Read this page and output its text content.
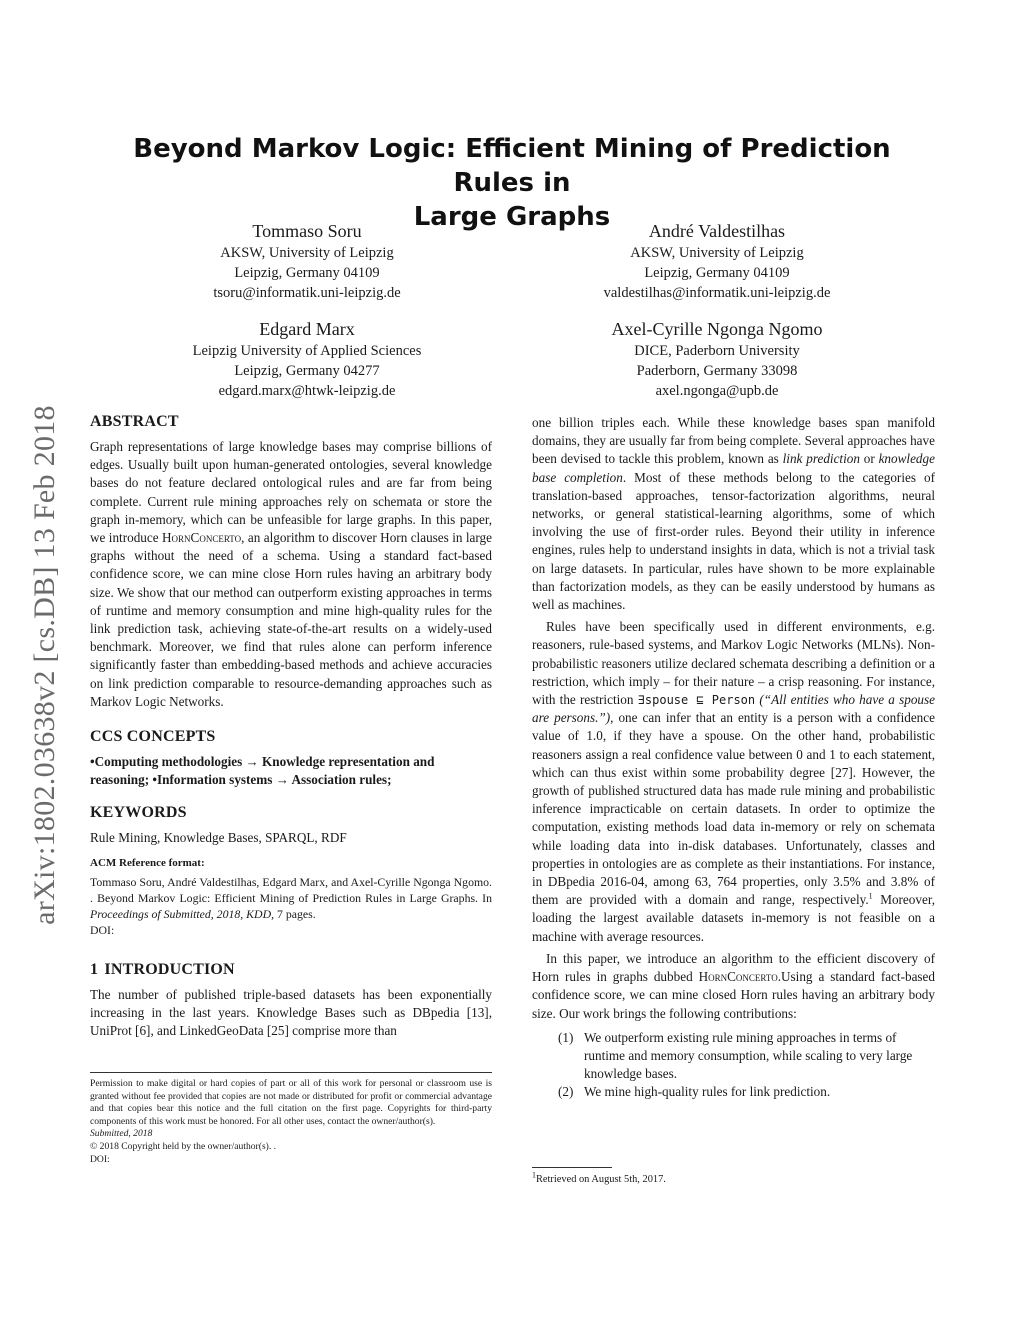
arXiv:1802.03638v2 [cs.DB] 13 Feb 2018
Beyond Markov Logic: Efficient Mining of Prediction Rules in
Large Graphs
Tommaso Soru
AKSW, University of Leipzig
Leipzig, Germany 04109
tsoru@informatik.uni-leipzig.de
André Valdestilhas
AKSW, University of Leipzig
Leipzig, Germany 04109
valdestilhas@informatik.uni-leipzig.de
Edgard Marx
Leipzig University of Applied Sciences
Leipzig, Germany 04277
edgard.marx@htwk-leipzig.de
Axel-Cyrille Ngonga Ngomo
DICE, Paderborn University
Paderborn, Germany 33098
axel.ngonga@upb.de
ABSTRACT

Graph representations of large knowledge bases may comprise billions of edges. Usually built upon human-generated ontologies, several knowledge bases do not feature declared ontological rules and are far from being complete. Current rule mining approaches rely on schemata or store the graph in-memory, which can be unfeasible for large graphs. In this paper, we introduce HornConcerto, an algorithm to discover Horn clauses in large graphs without the need of a schema. Using a standard fact-based confidence score, we can mine close Horn rules having an arbitrary body size. We show that our method can outperform existing approaches in terms of runtime and memory consumption and mine high-quality rules for the link prediction task, achieving state-of-the-art results on a widely-used benchmark. Moreover, we find that rules alone can perform inference significantly faster than embedding-based methods and achieve accuracies on link prediction comparable to resource-demanding approaches such as Markov Logic Networks.

CCS CONCEPTS

•Computing methodologies → Knowledge representation and reasoning; •Information systems → Association rules;

KEYWORDS

Rule Mining, Knowledge Bases, SPARQL, RDF

ACM Reference format:

Tommaso Soru, André Valdestilhas, Edgard Marx, and Axel-Cyrille Ngonga Ngomo. . Beyond Markov Logic: Efficient Mining of Prediction Rules in Large Graphs. In Proceedings of Submitted, 2018, KDD, 7 pages.

DOI:

1 INTRODUCTION

The number of published triple-based datasets has been exponentially increasing in the last years. Knowledge Bases such as DBpedia [13], UniProt [6], and LinkedGeoData [25] comprise more than

Permission to make digital or hard copies of part or all of this work for personal or classroom use is granted without fee provided that copies are not made or distributed for profit or commercial advantage and that copies bear this notice and the full citation on the first page. Copyrights for third-party components of this work must be honored. For all other uses, contact the owner/author(s).
Submitted, 2018
© 2018 Copyright held by the owner/author(s). .
DOI:

one billion triples each. While these knowledge bases span manifold domains, they are usually far from being complete. Several approaches have been devised to tackle this problem, known as link prediction or knowledge base completion. Most of these methods belong to the categories of translation-based approaches, tensor-factorization algorithms, neural networks, or general statistical-learning algorithms, some of which involving the use of first-order rules. Beyond their utility in inference engines, rules help to understand insights in data, which is not a trivial task on large datasets. In particular, rules have shown to be more explainable than factorization models, as they can be easily understood by humans as well as machines.

Rules have been specifically used in different environments, e.g. reasoners, rule-based systems, and Markov Logic Networks (MLNs). Non-probabilistic reasoners utilize declared schemata describing a definition or a restriction, which imply – for their nature – a crisp reasoning. For instance, with the restriction ∃spouse ⊑ Person (“All entities who have a spouse are persons.”), one can infer that an entity is a person with a confidence value of 1.0, if they have a spouse. On the other hand, probabilistic reasoners assign a real confidence value between 0 and 1 to each statement, which can thus exist within some probability degree [27]. However, the growth of published structured data has made rule mining and probabilistic inference impracticable on certain datasets. In order to optimize the computation, existing methods load data in-memory or rely on schemata while loading data into in-disk databases. Unfortunately, classes and properties in ontologies are as complete as their instantiations. For instance, in DBpedia 2016-04, among 63, 764 properties, only 3.5% and 3.8% of them are provided with a domain and range, respectively.$^1$ Moreover, loading the largest available datasets in-memory is not feasible on a machine with average resources.

In this paper, we introduce an algorithm to the efficient discovery of Horn rules in graphs dubbed HornConcerto.Using a standard fact-based confidence score, we can mine closed Horn rules having an arbitrary body size. Our work brings the following contributions:

(1) We outperform existing rule mining approaches in terms of runtime and memory consumption, while scaling to very large knowledge bases.
(2) We mine high-quality rules for link prediction.
$^1$Retrieved on August 5th, 2017.
